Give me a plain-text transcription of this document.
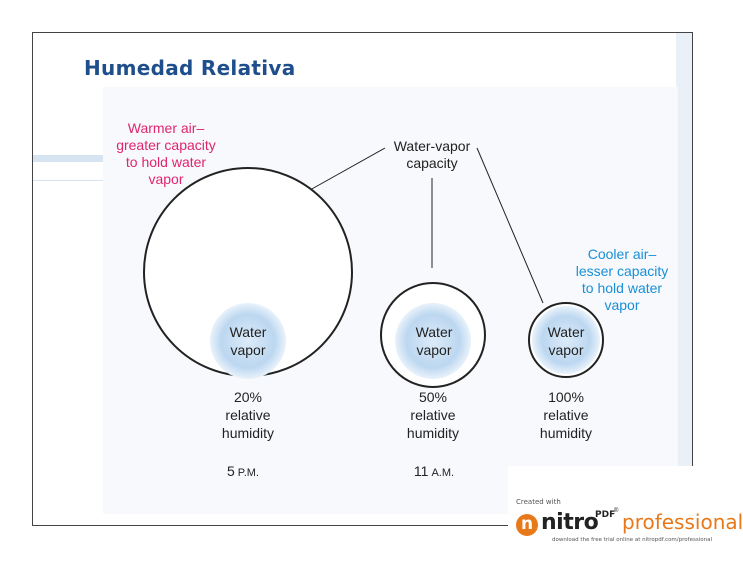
Humedad Relativa
Warmer air–
greater capacity
to hold water
vapor
Water-vapor
capacity
Cooler air–
lesser capacity
to hold water
vapor
Water
vapor
Water
vapor
Water
vapor
20%
relative
humidity
50%
relative
humidity
100%
relative
humidity
5 P.M.	11 A.M.
Created with
n nitro
PDF
® professional
download the free trial online at nitropdf.com/professional
